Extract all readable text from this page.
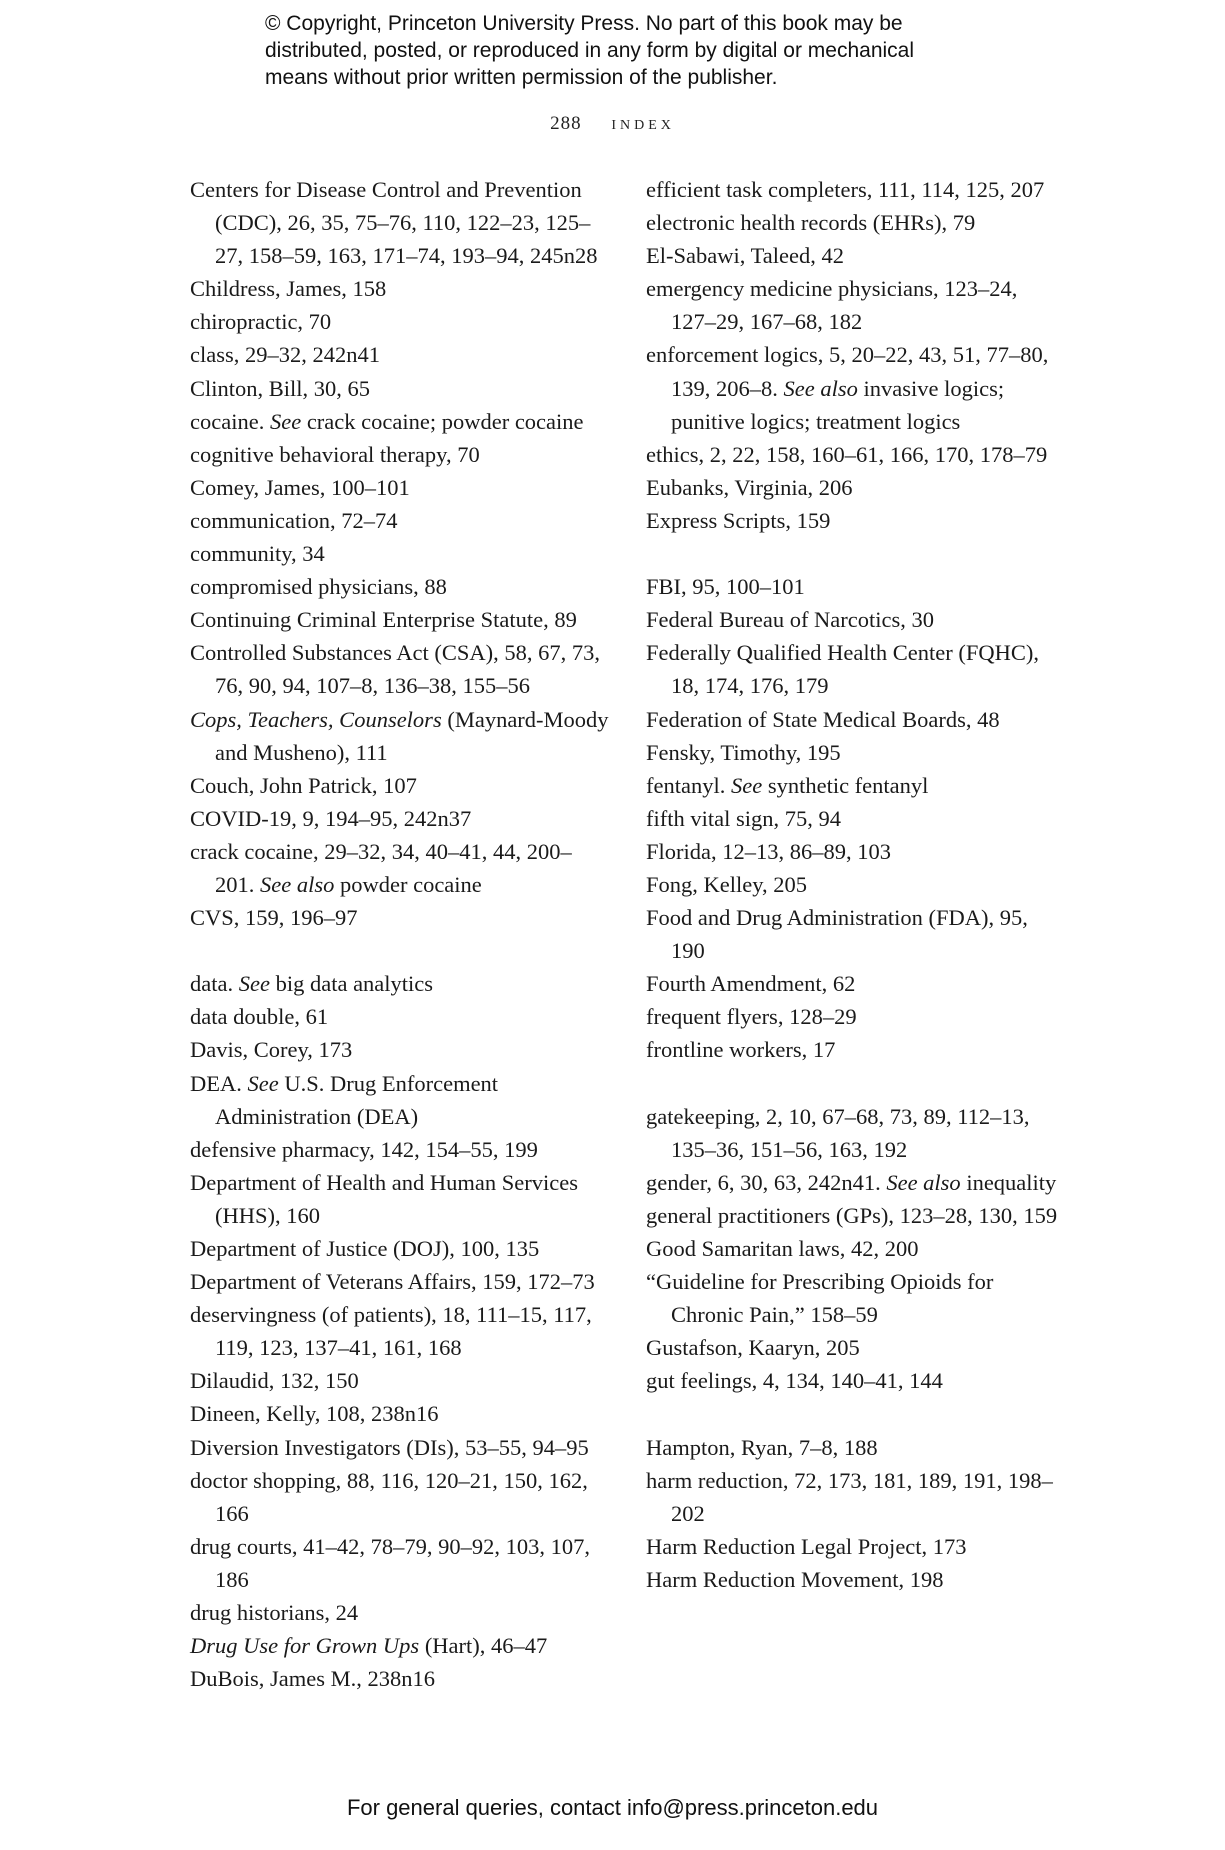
© Copyright, Princeton University Press. No part of this book may be
distributed, posted, or reproduced in any form by digital or mechanical
means without prior written permission of the publisher.
288 index

Centers for Disease Control and Prevention (CDC), 26, 35, 75–76, 110, 122–23, 125–27, 158–59, 163, 171–74, 193–94, 245n28

Childress, James, 158

chiropractic, 70

class, 29–32, 242n41

Clinton, Bill, 30, 65

cocaine. See crack cocaine; powder cocaine

cognitive behavioral therapy, 70

Comey, James, 100–101

communication, 72–74

community, 34

compromised physicians, 88

Continuing Criminal Enterprise Statute, 89

Controlled Substances Act (CSA), 58, 67, 73, 76, 90, 94, 107–8, 136–38, 155–56

Cops, Teachers, Counselors (Maynard-Moody and Musheno), 111

Couch, John Patrick, 107

COVID-19, 9, 194–95, 242n37

crack cocaine, 29–32, 34, 40–41, 44, 200–201. See also powder cocaine

CVS, 159, 196–97

data. See big data analytics

data double, 61

Davis, Corey, 173

DEA. See U.S. Drug Enforcement Administration (DEA)

defensive pharmacy, 142, 154–55, 199

Department of Health and Human Services (HHS), 160

Department of Justice (DOJ), 100, 135

Department of Veterans Affairs, 159, 172–73

deservingness (of patients), 18, 111–15, 117, 119, 123, 137–41, 161, 168

Dilaudid, 132, 150

Dineen, Kelly, 108, 238n16

Diversion Investigators (DIs), 53–55, 94–95

doctor shopping, 88, 116, 120–21, 150, 162, 166

drug courts, 41–42, 78–79, 90–92, 103, 107, 186

drug historians, 24

Drug Use for Grown Ups (Hart), 46–47

DuBois, James M., 238n16

efficient task completers, 111, 114, 125, 207

electronic health records (EHRs), 79

El-Sabawi, Taleed, 42

emergency medicine physicians, 123–24, 127–29, 167–68, 182

enforcement logics, 5, 20–22, 43, 51, 77–80, 139, 206–8. See also invasive logics; punitive logics; treatment logics

ethics, 2, 22, 158, 160–61, 166, 170, 178–79

Eubanks, Virginia, 206

Express Scripts, 159

FBI, 95, 100–101

Federal Bureau of Narcotics, 30

Federally Qualified Health Center (FQHC), 18, 174, 176, 179

Federation of State Medical Boards, 48

Fensky, Timothy, 195

fentanyl. See synthetic fentanyl

fifth vital sign, 75, 94

Florida, 12–13, 86–89, 103

Fong, Kelley, 205

Food and Drug Administration (FDA), 95, 190

Fourth Amendment, 62

frequent flyers, 128–29

frontline workers, 17

gatekeeping, 2, 10, 67–68, 73, 89, 112–13, 135–36, 151–56, 163, 192

gender, 6, 30, 63, 242n41. See also inequality

general practitioners (GPs), 123–28, 130, 159

Good Samaritan laws, 42, 200

“Guideline for Prescribing Opioids for Chronic Pain,” 158–59

Gustafson, Kaaryn, 205

gut feelings, 4, 134, 140–41, 144

Hampton, Ryan, 7–8, 188

harm reduction, 72, 173, 181, 189, 191, 198–202

Harm Reduction Legal Project, 173

Harm Reduction Movement, 198

For general queries, contact info@press.princeton.edu
